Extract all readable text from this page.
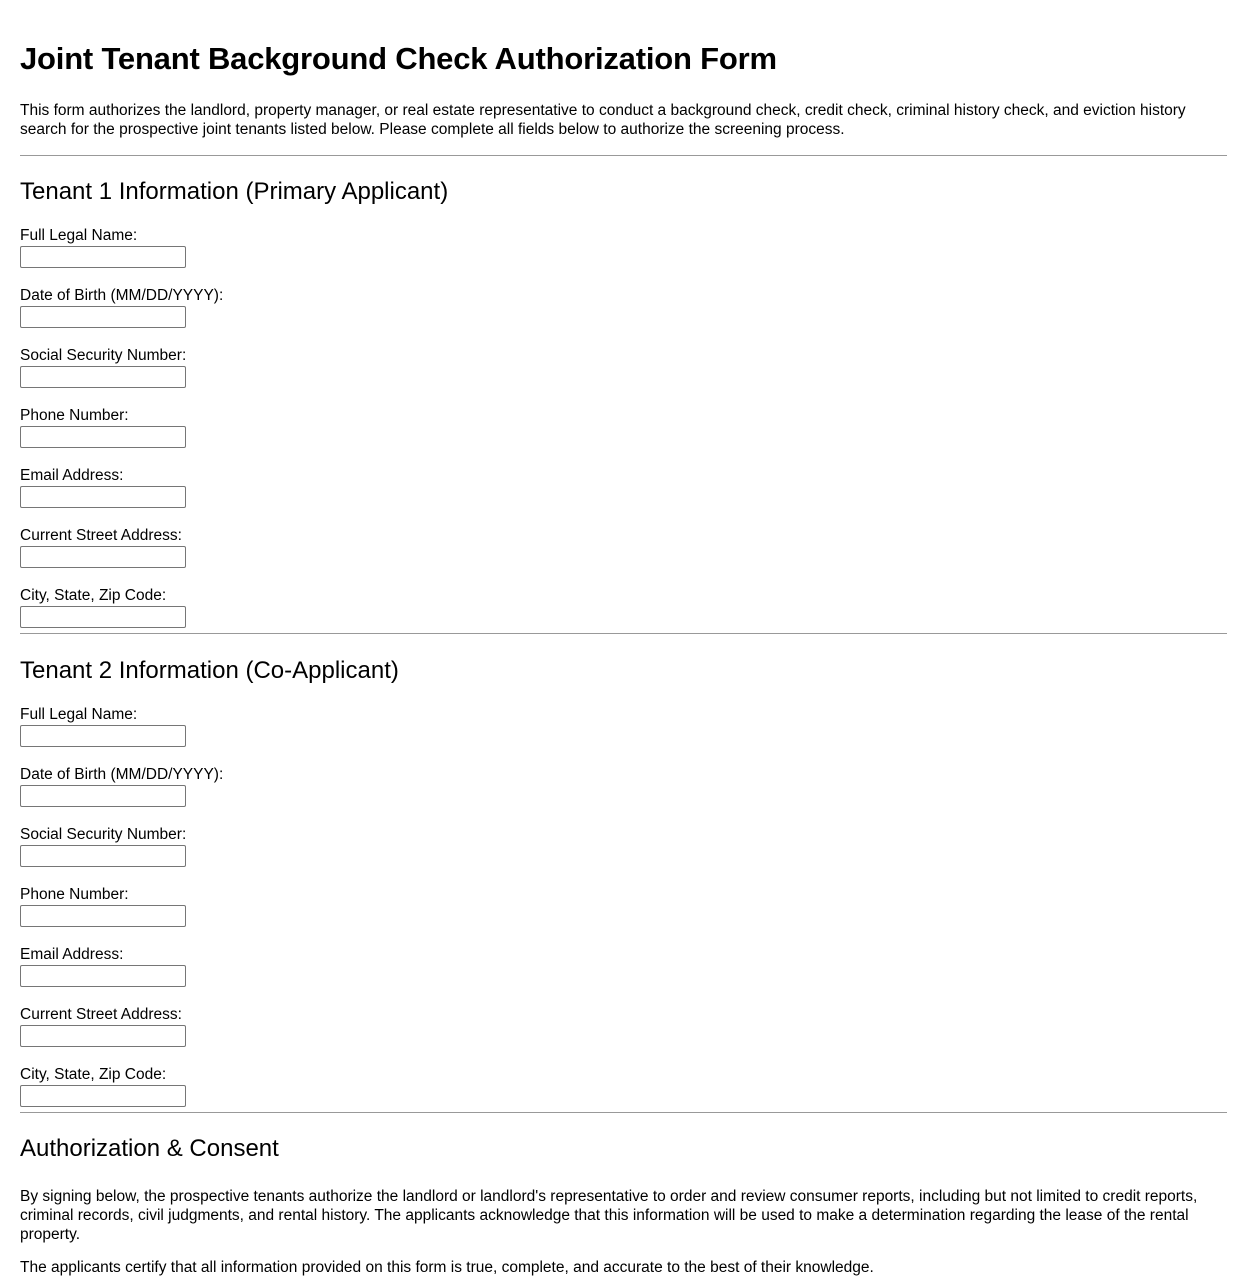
Joint Tenant Background Check Authorization Form

This form authorizes the landlord, property manager, or real estate representative to conduct a background check, credit check, criminal history check, and eviction history search for the prospective joint tenants listed below. Please complete all fields below to authorize the screening process.

Tenant 1 Information (Primary Applicant)
Full Legal Name:
Date of Birth (MM/DD/YYYY):
Social Security Number:
Phone Number:
Email Address:
Current Street Address:
City, State, Zip Code:
Tenant 2 Information (Co-Applicant)
Full Legal Name:
Date of Birth (MM/DD/YYYY):
Social Security Number:
Phone Number:
Email Address:
Current Street Address:
City, State, Zip Code:
Authorization & Consent

By signing below, the prospective tenants authorize the landlord or landlord's representative to order and review consumer reports, including but not limited to credit reports, criminal records, civil judgments, and rental history. The applicants acknowledge that this information will be used to make a determination regarding the lease of the rental property.

The applicants certify that all information provided on this form is true, complete, and accurate to the best of their knowledge.
